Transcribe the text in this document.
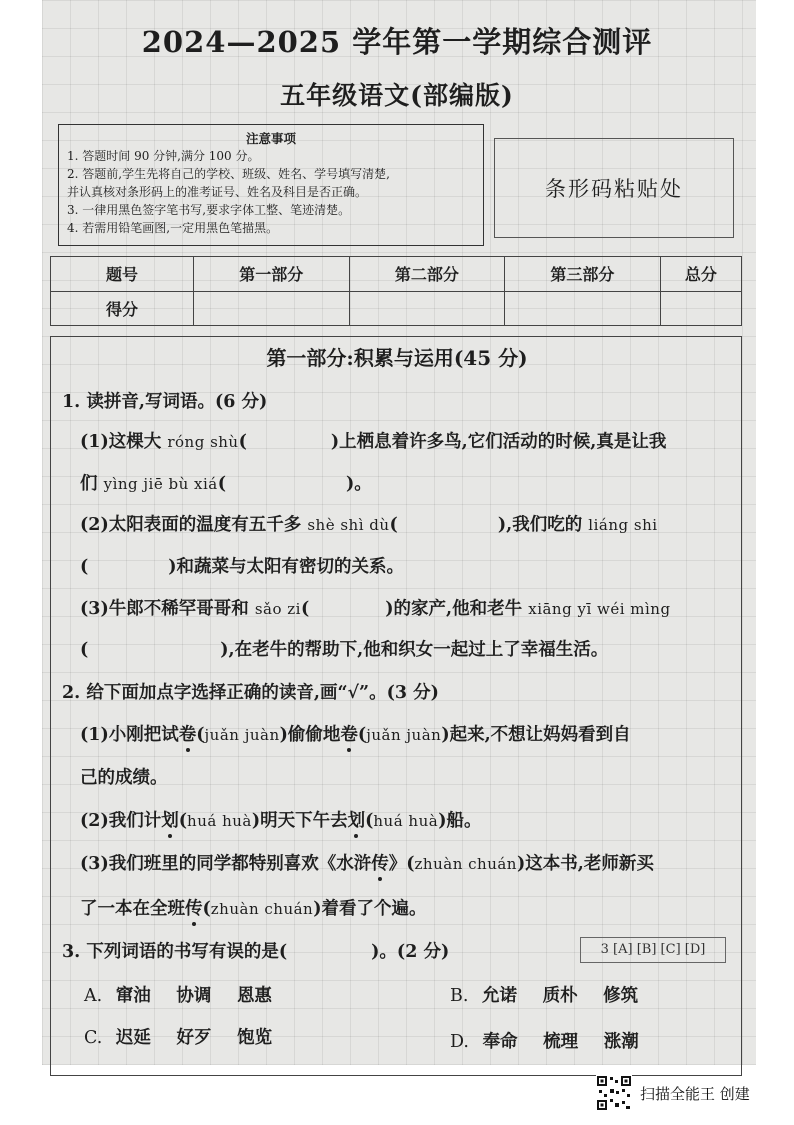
2024—2025 学年第一学期综合测评
五年级语文(部编版)
注意事项
1. 答题时间 90 分钟,满分 100 分。
2. 答题前,学生先将自己的学校、班级、姓名、学号填写清楚,
并认真核对条形码上的准考证号、姓名及科目是否正确。
3. 一律用黑色签字笔书写,要求字体工整、笔迹清楚。
4. 若需用铅笔画图,一定用黑色笔描黑。
条形码粘贴处
题号	第一部分	第二部分	第三部分	总分
得分				
第一部分:积累与运用(45 分)
1. 读拼音,写词语。(6 分)
(1)这棵大 róng shù(	)上栖息着许多鸟,它们活动的时候,真是让我
们 yìng jiē bù xiá(	)。
(2)太阳表面的温度有五千多 shè shì dù(	),我们吃的 liáng shi
(	)和蔬菜与太阳有密切的关系。
(3)牛郎不稀罕哥哥和 sǎo zi(	)的家产,他和老牛 xiāng yī wéi mìng
(	),在老牛的帮助下,他和织女一起过上了幸福生活。
2. 给下面加点字选择正确的读音,画“√”。(3 分)
(1)小刚把试卷(juǎn juàn)偷偷地卷(juǎn juàn)起来,不想让妈妈看到自
己的成绩。
(2)我们计划(huá huà)明天下午去划(huá huà)船。
(3)我们班里的同学都特别喜欢《水浒传》(zhuàn chuán)这本书,老师新买
了一本在全班传(zhuàn chuán)着看了个遍。
3. 下列词语的书写有误的是(	)。(2 分)	3 [A] [B] [C] [D]
A. 窜油 协调 恩惠	B. 允诺 质朴 修筑
C. 迟延 好歹 饱览	D. 奉命 梳理 涨潮
扫描全能王 创建
